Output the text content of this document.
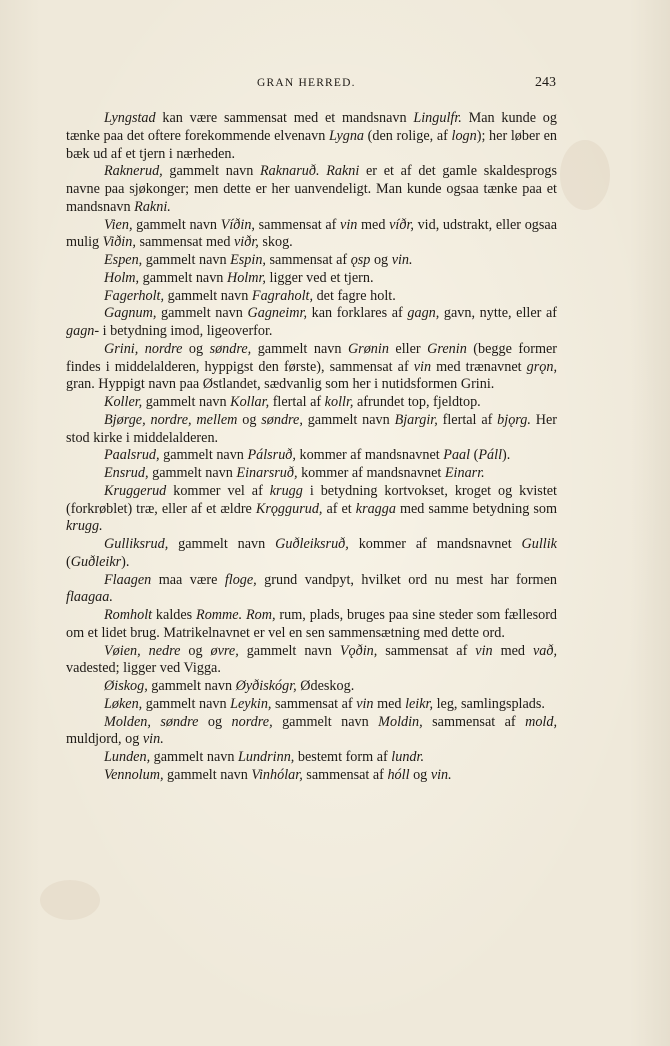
GRAN HERRED.	243

Lyngstad kan være sammensat med et mandsnavn Lingulfr. Man kunde og tænke paa det oftere forekommende elvenavn Lygna (den rolige, af logn); her løber en bæk ud af et tjern i nærheden.

Raknerud, gammelt navn Raknaruð. Rakni er et af det gamle skaldesprogs navne paa sjøkonger; men dette er her uanvendeligt. Man kunde ogsaa tænke paa et mandsnavn Rakni.

Vien, gammelt navn Víðin, sammensat af vin med víðr, vid, udstrakt, eller ogsaa mulig Viðin, sammensat med viðr, skog.

Espen, gammelt navn Espin, sammensat af ǫsp og vin.

Holm, gammelt navn Holmr, ligger ved et tjern.

Fagerholt, gammelt navn Fagraholt, det fagre holt.

Gagnum, gammelt navn Gagneimr, kan forklares af gagn, gavn, nytte, eller af gagn- i betydning imod, ligeoverfor.

Grini, nordre og søndre, gammelt navn Grønin eller Grenin (begge former findes i middelalderen, hyppigst den første), sammensat af vin med trænavnet grǫn, gran. Hyppigt navn paa Østlandet, sædvanlig som her i nutidsformen Grini.

Koller, gammelt navn Kollar, flertal af kollr, afrundet top, fjeldtop.

Bjørge, nordre, mellem og søndre, gammelt navn Bjargir, flertal af bjǫrg. Her stod kirke i middelalderen.

Paalsrud, gammelt navn Pálsruð, kommer af mandsnavnet Paal (Páll).

Ensrud, gammelt navn Einarsruð, kommer af mandsnavnet Einarr.

Kruggerud kommer vel af krugg i betydning kortvokset, kroget og kvistet (forkrøblet) træ, eller af et ældre Krǫggurud, af et kragga med samme betydning som krugg.

Gulliksrud, gammelt navn Guðleiksruð, kommer af mandsnavnet Gullik (Guðleikr).

Flaagen maa være fl​oge, grund vandpyt, hvilket ord nu mest har formen flaagaa.

Romholt kaldes Romme. Rom, rum, plads, bruges paa sine steder som fællesord om et lidet brug. Matrikelnavnet er vel en sen sammensætning med dette ord.

Vøien, nedre og øvre, gammelt navn Vǫðin, sammensat af vin med vað, vadested; ligger ved Vigga.

Øiskog, gammelt navn Øyðiskógr, Ødeskog.

Løken, gammelt navn Leykin, sammensat af vin med leikr, leg, samlingsplads.

Molden, søndre og nordre, gammelt navn Moldin, sammensat af mold, muldjord, og vin.

Lunden, gammelt navn Lundrinn, bestemt form af lundr.

Vennolum, gammelt navn Vinhólar, sammensat af hóll og vin.
